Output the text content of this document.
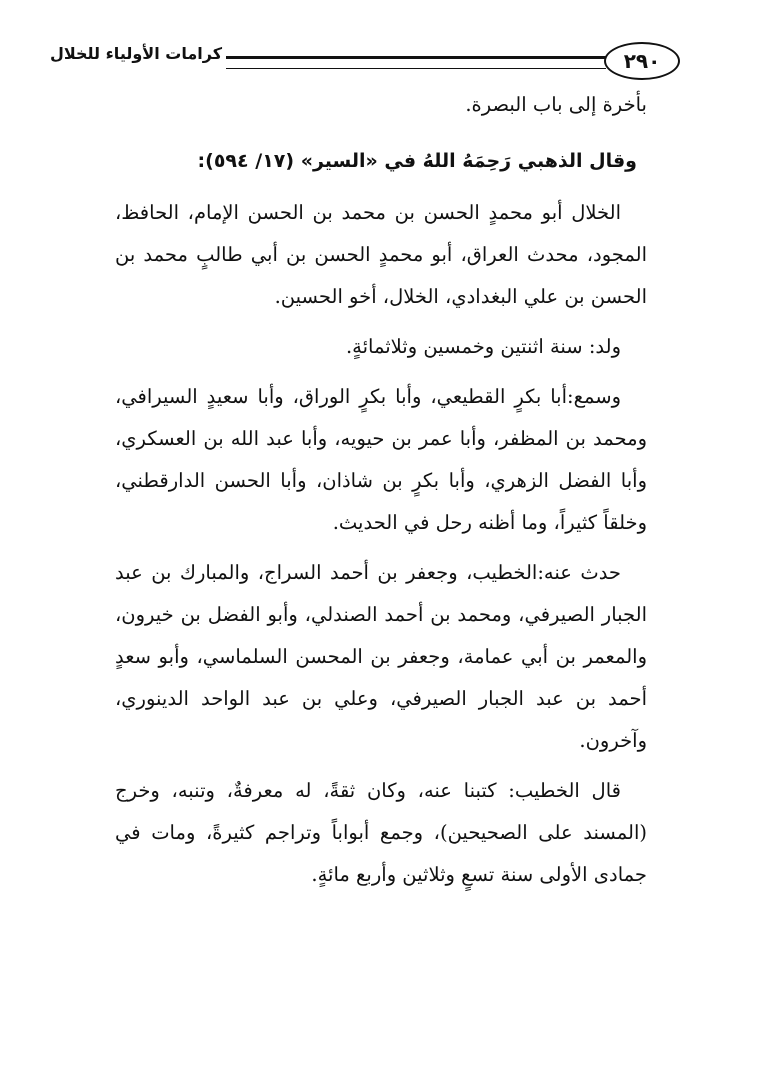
٢٩٠
كرامات الأولياء للخلال

بأخرة إلى باب البصرة.

وقال الذهبي رَحِمَهُ اللهُ في «السير» (١٧/ ٥٩٤):

الخلال أبو محمدٍ الحسن بن محمد بن الحسن الإمام، الحافظ، المجود، محدث العراق، أبو محمدٍ الحسن بن أبي طالبٍ محمد بن الحسن بن علي البغدادي، الخلال، أخو الحسين.

ولد: سنة اثنتين وخمسين وثلاثمائةٍ.

وسمع:أبا بكرٍ القطيعي، وأبا بكرٍ الوراق، وأبا سعيدٍ السيرافي، ومحمد بن المظفر، وأبا عمر بن حيويه، وأبا عبد الله بن العسكري، وأبا الفضل الزهري، وأبا بكرٍ بن شاذان، وأبا الحسن الدارقطني، وخلقاً كثيراً، وما أظنه رحل في الحديث.

حدث عنه:الخطيب، وجعفر بن أحمد السراج، والمبارك بن عبد الجبار الصيرفي، ومحمد بن أحمد الصندلي، وأبو الفضل بن خيرون، والمعمر بن أبي عمامة، وجعفر بن المحسن السلماسي، وأبو سعدٍ أحمد بن عبد الجبار الصيرفي، وعلي بن عبد الواحد الدينوري، وآخرون.

قال الخطيب: كتبنا عنه، وكان ثقةً، له معرفةٌ، وتنبه، وخرج (المسند على الصحيحين)، وجمع أبواباً وتراجم كثيرةً، ومات في جمادى الأولى سنة تسعٍ وثلاثين وأربع مائةٍ.
